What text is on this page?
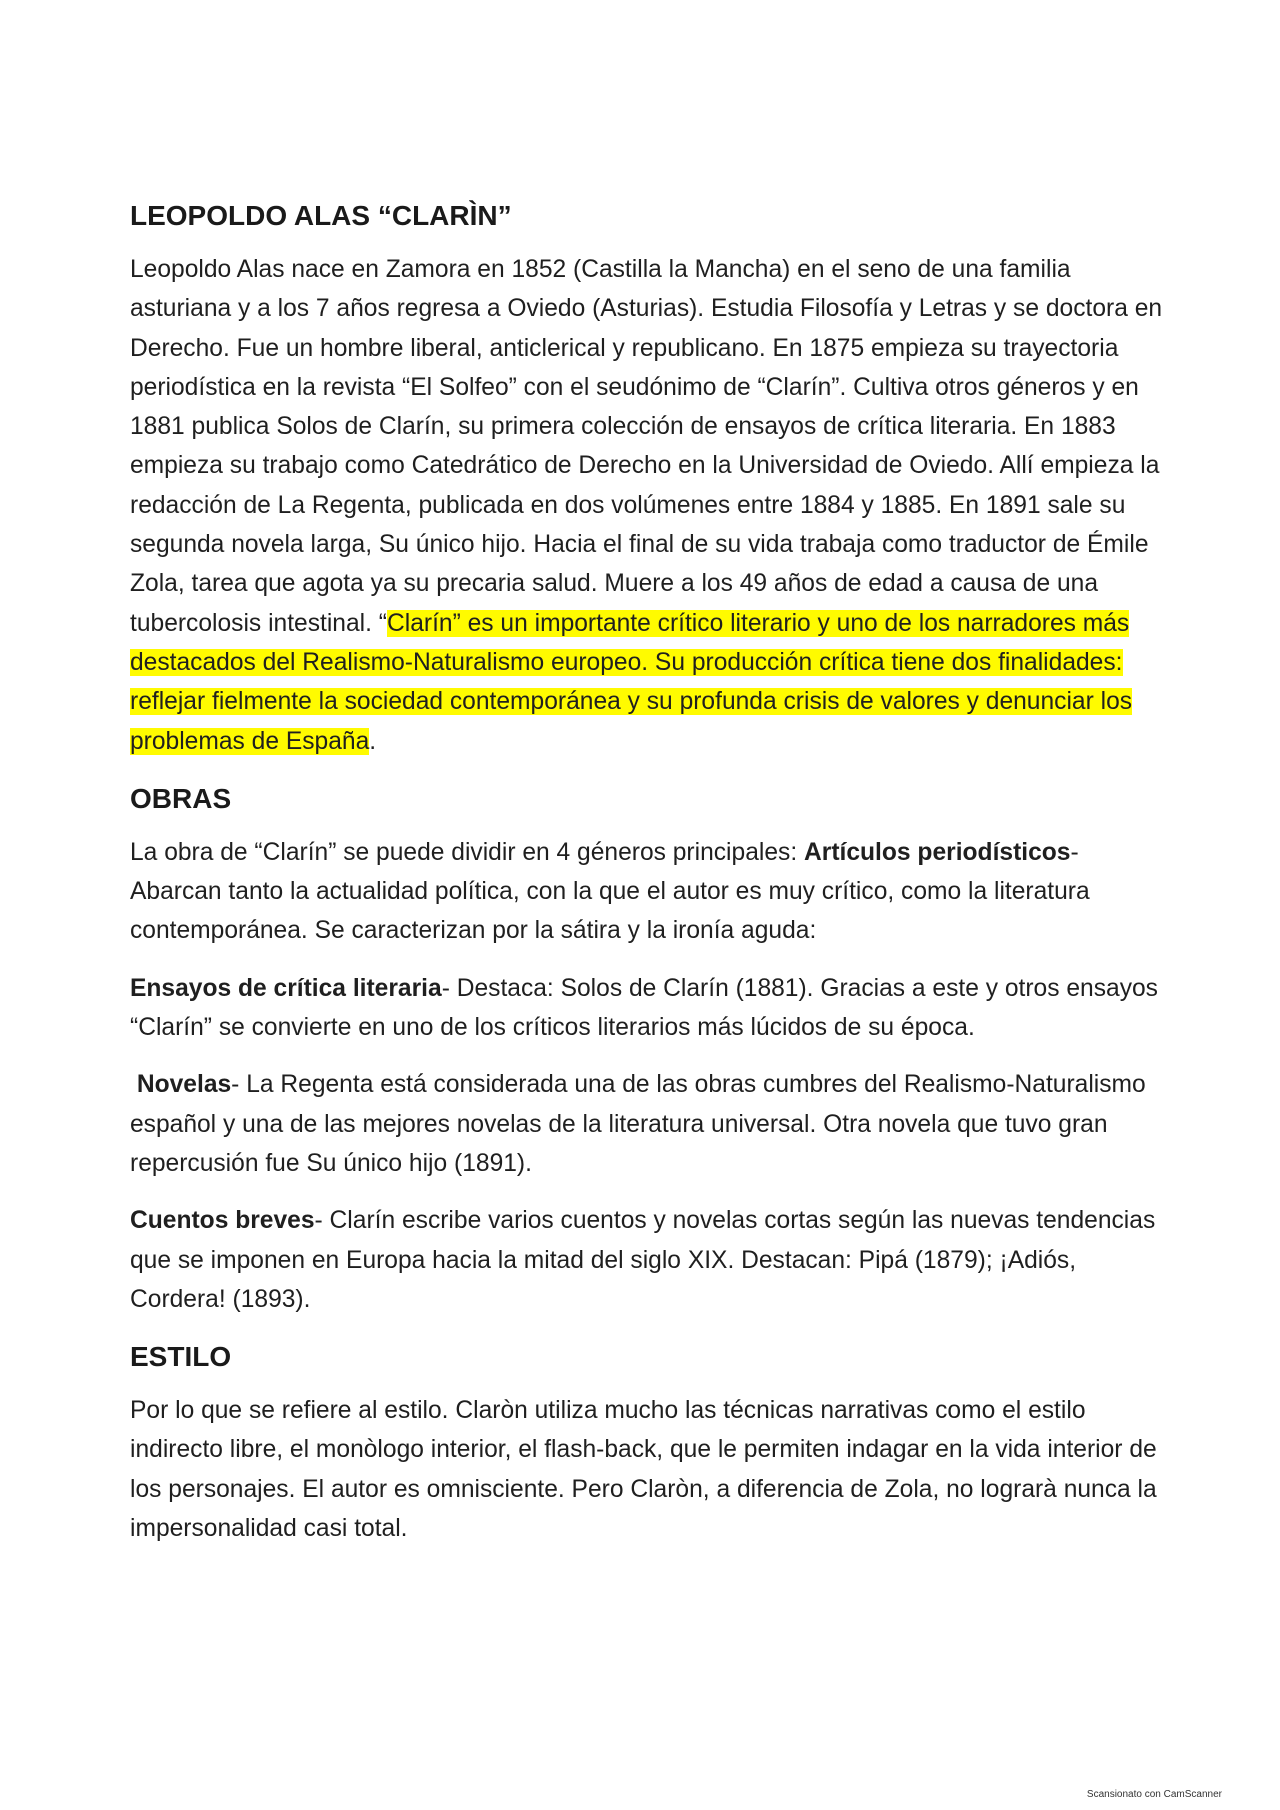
LEOPOLDO ALAS “CLARÌN”

Leopoldo Alas nace en Zamora en 1852 (Castilla la Mancha) en el seno de una familia asturiana y a los 7 años regresa a Oviedo (Asturias). Estudia Filosofía y Letras y se doctora en Derecho. Fue un hombre liberal, anticlerical y republicano. En 1875 empieza su trayectoria periodística en la revista “El Solfeo” con el seudónimo de “Clarín”. Cultiva otros géneros y en 1881 publica Solos de Clarín, su primera colección de ensayos de crítica literaria. En 1883 empieza su trabajo como Catedrático de Derecho en la Universidad de Oviedo. Allí empieza la redacción de La Regenta, publicada en dos volúmenes entre 1884 y 1885. En 1891 sale su segunda novela larga, Su único hijo. Hacia el final de su vida trabaja como traductor de Émile Zola, tarea que agota ya su precaria salud. Muere a los 49 años de edad a causa de una tubercolosis intestinal. “Clarín” es un importante crítico literario y uno de los narradores más destacados del Realismo-Naturalismo europeo. Su producción crítica tiene dos finalidades: reflejar fielmente la sociedad contemporánea y su profunda crisis de valores y denunciar los problemas de España.

OBRAS

La obra de “Clarín” se puede dividir en 4 géneros principales: Artículos periodísticos- Abarcan tanto la actualidad política, con la que el autor es muy crítico, como la literatura contemporánea. Se caracterizan por la sátira y la ironía aguda:

Ensayos de crítica literaria- Destaca: Solos de Clarín (1881). Gracias a este y otros ensayos “Clarín” se convierte en uno de los críticos literarios más lúcidos de su época.

Novelas- La Regenta está considerada una de las obras cumbres del Realismo-Naturalismo español y una de las mejores novelas de la literatura universal. Otra novela que tuvo gran repercusión fue Su único hijo (1891).

Cuentos breves- Clarín escribe varios cuentos y novelas cortas según las nuevas tendencias que se imponen en Europa hacia la mitad del siglo XIX. Destacan: Pipá (1879); ¡Adiós, Cordera! (1893).

ESTILO

Por lo que se refiere al estilo. Claròn utiliza mucho las técnicas narrativas como el estilo indirecto libre, el monòlogo interior, el flash-back, que le permiten indagar en la vida interior de los personajes. El autor es omnisciente. Pero Claròn, a diferencia de Zola, no lograrà nunca la impersonalidad casi total.

Scansionato con CamScanner
